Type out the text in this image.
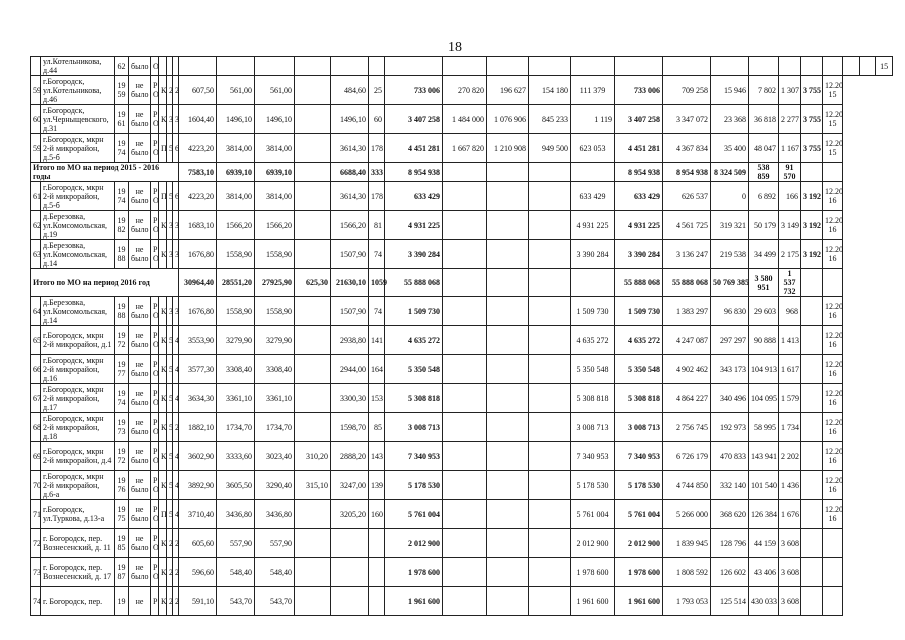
18
	ул.Котельникова, д.44	62	было	О																								15
59	г.Богородск, ул.Котельникова, д.46	19 59	не было	Р О	К	2	2	607,50	561,00	561,00		484,60	25	733 006	270 820	196 627	154 180	111 379	733 006	709 258	15 946	7 802	1 307	3 755	12.20 15			
60	г.Богородск, ул.Черныщевского, д.31	19 61	не было	Р О	К	3	3	1604,40	1496,10	1496,10		1496,10	60	3 407 258	1 484 000	1 076 906	845 233	1 119	3 407 258	3 347 072	23 368	36 818	2 277	3 755	12.20 15			
59	г.Богородск, мкрн 2-й микрорайон, д.5-б	19 74	не было	Р О	П	5	6	4223,20	3814,00	3814,00		3614,30	178	4 451 281	1 667 820	1 210 908	949 500	623 053	4 451 281	4 367 834	35 400	48 047	1 167	3 755	12.20 15			
Итого по МО на период 2015 - 2016 годы								7583,10	6939,10	6939,10		6688,40	333	8 954 938					8 954 938	8 954 938	8 324 509	538 859	91 570					
61	г.Богородск, мкрн 2-й микрорайон, д.5-б	19 74	не было	Р О	П	5	6	4223,20	3814,00	3814,00		3614,30	178	633 429				633 429	633 429	626 537	0	6 892	166	3 192	12.20 16			
62	д.Березовка, ул.Комсомольская, д.19	19 82	не было	Р О	К	3	3	1683,10	1566,20	1566,20		1566,20	81	4 931 225				4 931 225	4 931 225	4 561 725	319 321	50 179	3 149	3 192	12.20 16			
63	д.Березовка, ул.Комсомольская, д.14	19 88	не было	Р О	К	3	3	1676,80	1558,90	1558,90		1507,90	74	3 390 284				3 390 284	3 390 284	3 136 247	219 538	34 499	2 175	3 192	12.20 16			
Итого по МО на период 2016 год								30964,40	28551,20	27925,90	625,30	21630,10	1059	55 888 068					55 888 068	55 888 068	50 769 385	3 580 951	1 537 732					
64	д.Березовка, ул.Комсомольская, д.14	19 88	не было	Р О	К	3	3	1676,80	1558,90	1558,90		1507,90	74	1 509 730				1 509 730	1 509 730	1 383 297	96 830	29 603	968		12.20 16			
65	г.Богородск, мкрн 2-й микрорайон, д.1	19 72	не было	Р О	К	5	4	3553,90	3279,90	3279,90		2938,80	141	4 635 272				4 635 272	4 635 272	4 247 087	297 297	90 888	1 413		12.20 16			
66	г.Богородск, мкрн 2-й микрорайон, д.16	19 77	не было	Р О	К	5	4	3577,30	3308,40	3308,40		2944,00	164	5 350 548				5 350 548	5 350 548	4 902 462	343 173	104 913	1 617		12.20 16			
67	г.Богородск, мкрн 2-й микрорайон, д.17	19 74	не было	Р О	К	5	4	3634,30	3361,10	3361,10		3300,30	153	5 308 818				5 308 818	5 308 818	4 864 227	340 496	104 095	1 579		12.20 16			
68	г.Богородск, мкрн 2-й микрорайон, д.18	19 73	не было	Р О	К	5	2	1882,10	1734,70	1734,70		1598,70	85	3 008 713				3 008 713	3 008 713	2 756 745	192 973	58 995	1 734		12.20 16			
69	г.Богородск, мкрн 2-й микрорайон, д.4	19 72	не было	Р О	К	5	4	3602,90	3333,60	3023,40	310,20	2888,20	143	7 340 953				7 340 953	7 340 953	6 726 179	470 833	143 941	2 202		12.20 16			
70	г.Богородск, мкрн 2-й микрорайон, д.6-а	19 76	не было	Р О	К	5	4	3892,90	3605,50	3290,40	315,10	3247,00	139	5 178 530				5 178 530	5 178 530	4 744 850	332 140	101 540	1 436		12.20 16			
71	г.Богородск, ул.Туркова, д.13-а	19 75	не было	Р О	П	5	4	3710,40	3436,80	3436,80		3205,20	160	5 761 004				5 761 004	5 761 004	5 266 000	368 620	126 384	1 676		12.20 16			
72	г. Богородск, пер. Вознесенский, д. 11	19 85	не было	Р О	К	2	2	605,60	557,90	557,90				2 012 900				2 012 900	2 012 900	1 839 945	128 796	44 159	3 608					
73	г. Богородск, пер. Вознесенский, д. 17	19 87	не было	Р О	К	2	2	596,60	548,40	548,40				1 978 600				1 978 600	1 978 600	1 808 592	126 602	43 406	3 608					
74	г. Богородск, пер.	19	не	Р	К	2	2	591,10	543,70	543,70				1 961 600				1 961 600	1 961 600	1 793 053	125 514	430 033	3 608					
